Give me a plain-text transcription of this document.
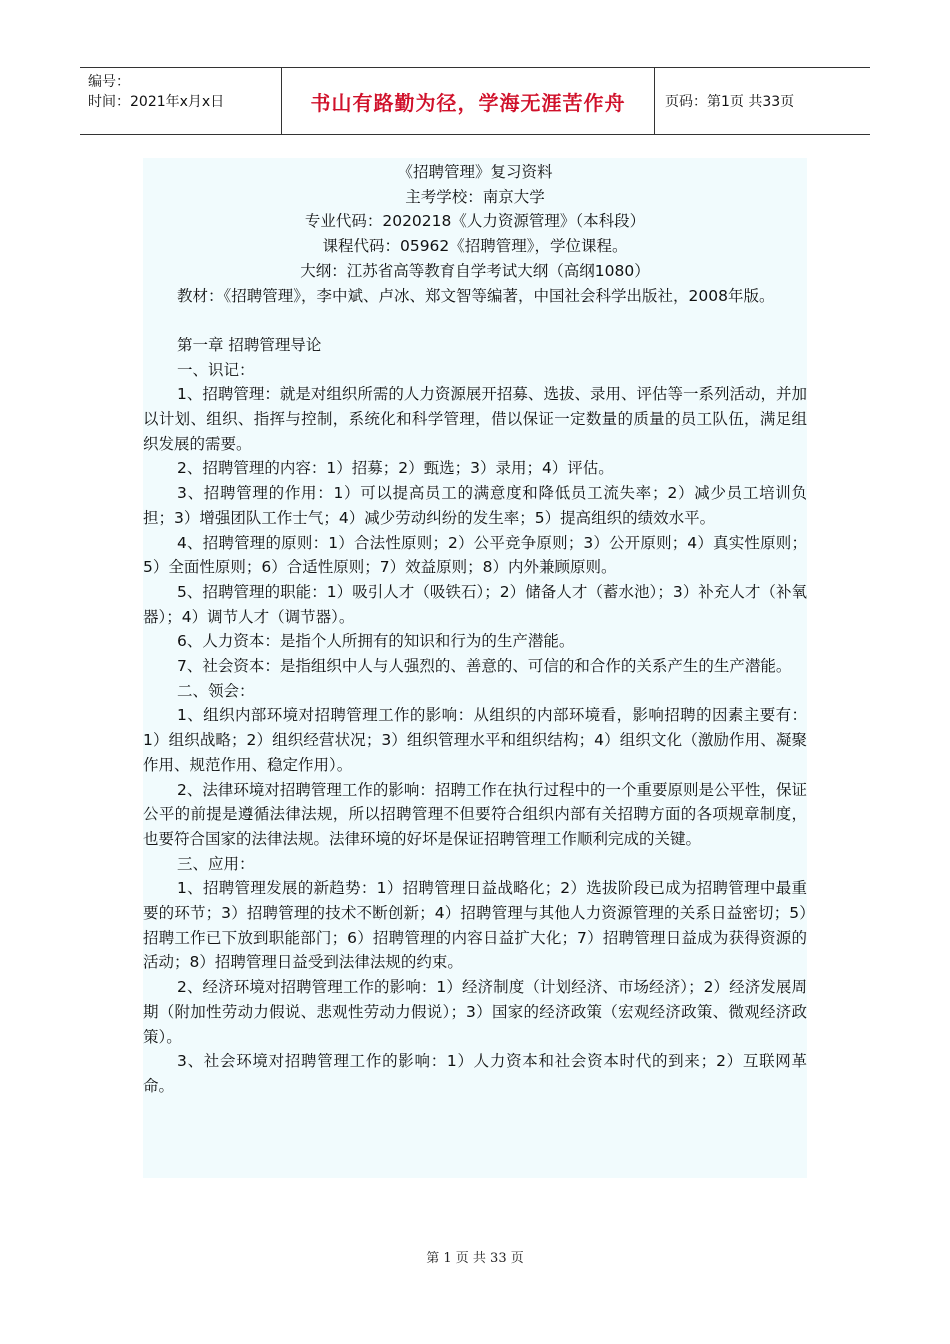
编号：
时间：2021年x月x日	书山有路勤为径，学海无涯苦作舟	页码：第1页 共33页
《招聘管理》复习资料
主考学校：南京大学
专业代码：2020218《人力资源管理》（本科段）
课程代码：05962《招聘管理》，学位课程。
大纲：江苏省高等教育自学考试大纲（高纲1080）

教材：《招聘管理》，李中斌、卢冰、郑文智等编著，中国社会科学出版社，2008年版。

第一章 招聘管理导论

一、识记：

1、招聘管理：就是对组织所需的人力资源展开招募、选拔、录用、评估等一系列活动，并加以计划、组织、指挥与控制，系统化和科学管理，借以保证一定数量的质量的员工队伍，满足组织发展的需要。

2、招聘管理的内容：1）招募；2）甄选；3）录用；4）评估。

3、招聘管理的作用：1）可以提高员工的满意度和降低员工流失率；2）减少员工培训负担；3）增强团队工作士气；4）减少劳动纠纷的发生率；5）提高组织的绩效水平。

4、招聘管理的原则：1）合法性原则；2）公平竞争原则；3）公开原则；4）真实性原则；5）全面性原则；6）合适性原则；7）效益原则；8）内外兼顾原则。

5、招聘管理的职能：1）吸引人才（吸铁石）；2）储备人才（蓄水池）；3）补充人才（补氧器）；4）调节人才（调节器）。

6、人力资本：是指个人所拥有的知识和行为的生产潜能。

7、社会资本：是指组织中人与人强烈的、善意的、可信的和合作的关系产生的生产潜能。

二、领会：

1、组织内部环境对招聘管理工作的影响：从组织的内部环境看，影响招聘的因素主要有：1）组织战略；2）组织经营状况；3）组织管理水平和组织结构；4）组织文化（激励作用、凝聚作用、规范作用、稳定作用）。

2、法律环境对招聘管理工作的影响：招聘工作在执行过程中的一个重要原则是公平性，保证公平的前提是遵循法律法规，所以招聘管理不但要符合组织内部有关招聘方面的各项规章制度，也要符合国家的法律法规。法律环境的好坏是保证招聘管理工作顺利完成的关键。

三、应用：

1、招聘管理发展的新趋势：1）招聘管理日益战略化；2）选拔阶段已成为招聘管理中最重要的环节；3）招聘管理的技术不断创新；4）招聘管理与其他人力资源管理的关系日益密切；5）招聘工作已下放到职能部门；6）招聘管理的内容日益扩大化；7）招聘管理日益成为获得资源的活动；8）招聘管理日益受到法律法规的约束。

2、经济环境对招聘管理工作的影响：1）经济制度（计划经济、市场经济）；2）经济发展周期（附加性劳动力假说、悲观性劳动力假说）；3）国家的经济政策（宏观经济政策、微观经济政策）。

3、社会环境对招聘管理工作的影响：1）人力资本和社会资本时代的到来；2）互联网革命。

第 1 页 共 33 页
